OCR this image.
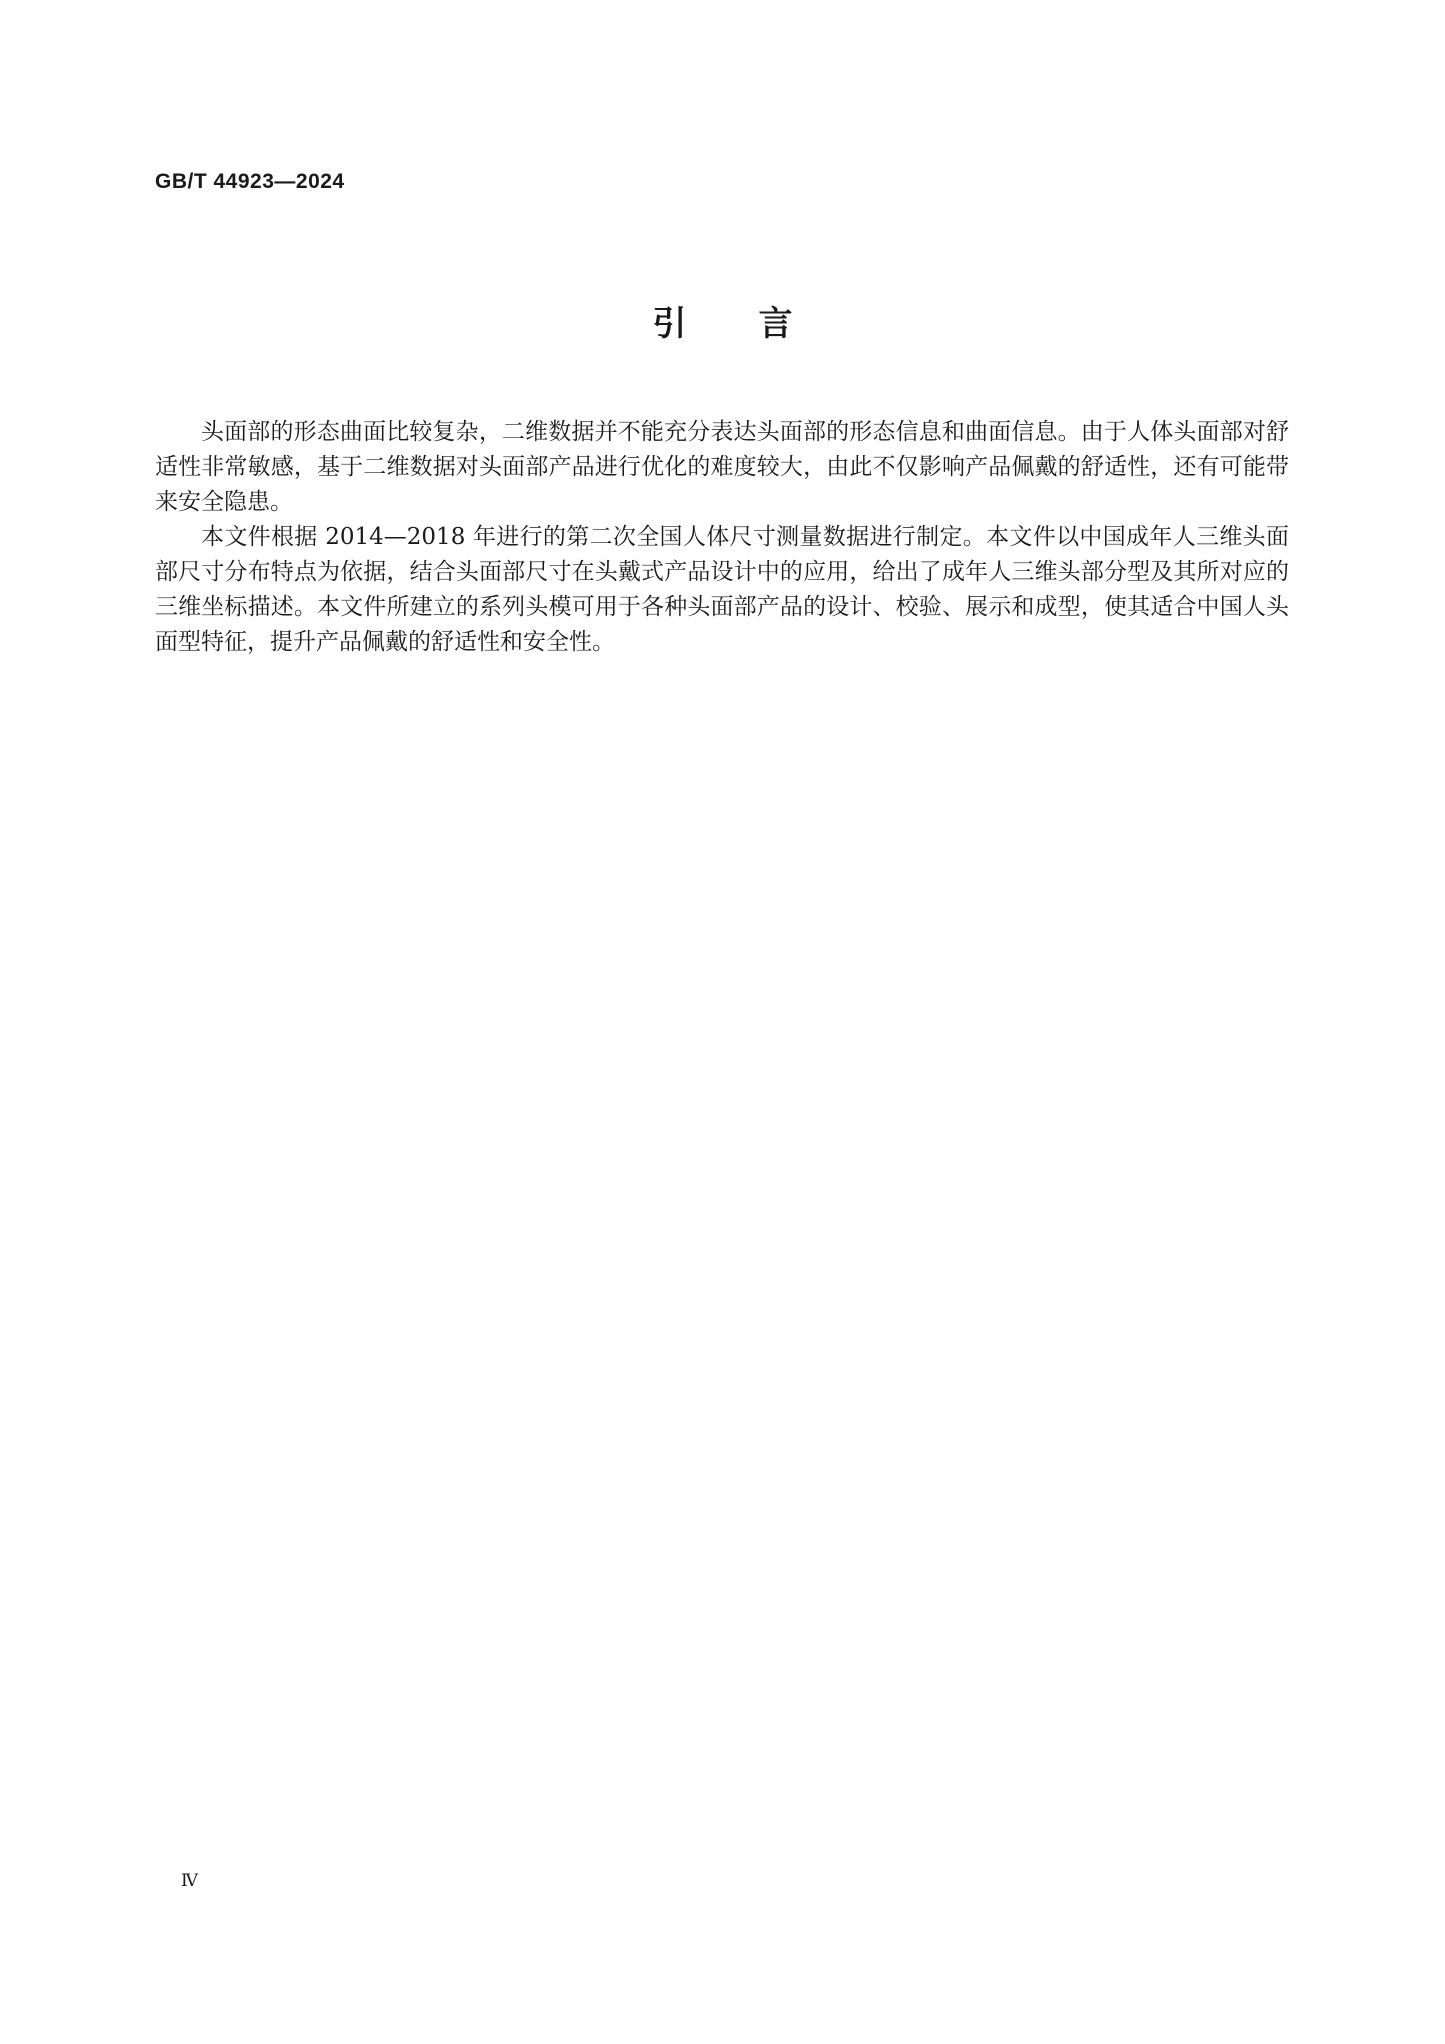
GB/T 44923—2024
引言

头面部的形态曲面比较复杂，二维数据并不能充分表达头面部的形态信息和曲面信息。由于人体头面部对舒适性非常敏感，基于二维数据对头面部产品进行优化的难度较大，由此不仅影响产品佩戴的舒适性，还有可能带来安全隐患。

本文件根据 2014—2018 年进行的第二次全国人体尺寸测量数据进行制定。本文件以中国成年人三维头面部尺寸分布特点为依据，结合头面部尺寸在头戴式产品设计中的应用，给出了成年人三维头部分型及其所对应的三维坐标描述。本文件所建立的系列头模可用于各种头面部产品的设计、校验、展示和成型，使其适合中国人头面型特征，提升产品佩戴的舒适性和安全性。

Ⅳ
